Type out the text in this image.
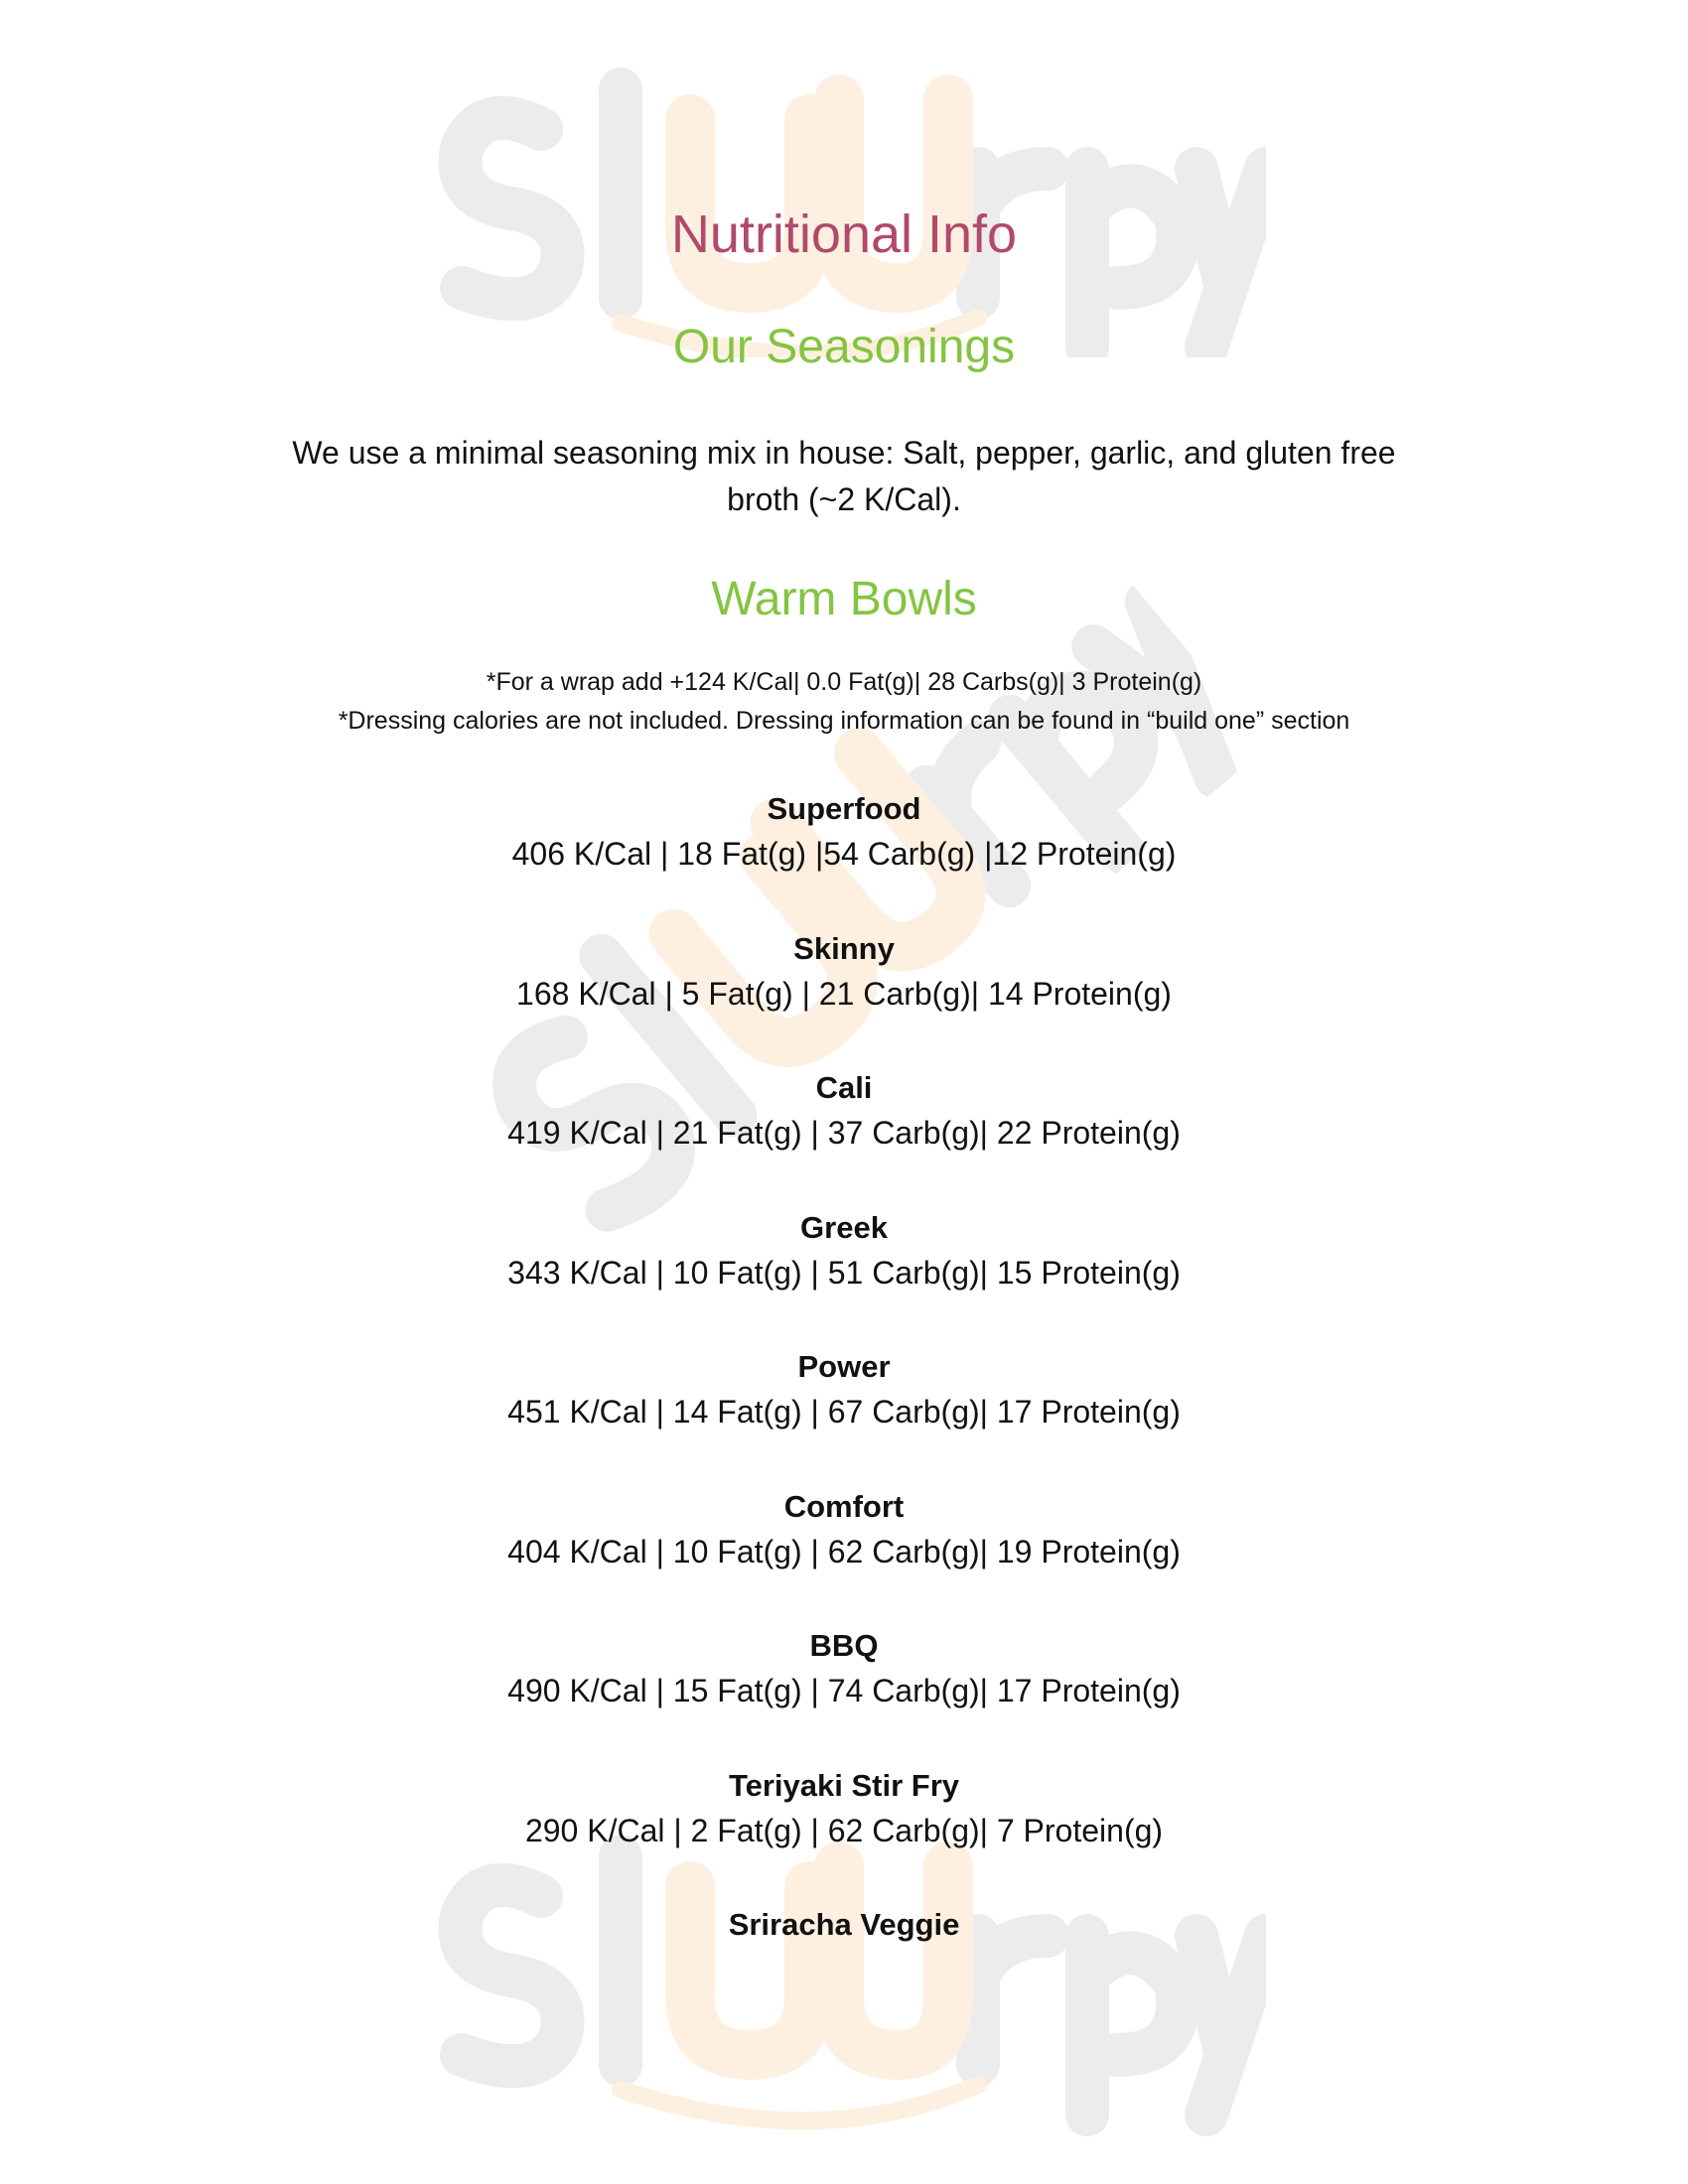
Nutritional Info
Our Seasonings
We use a minimal seasoning mix in house: Salt, pepper, garlic, and gluten free
broth (~2 K/Cal).
Warm Bowls
*For a wrap add +124 K/Cal| 0.0 Fat(g)| 28 Carbs(g)| 3 Protein(g)
*Dressing calories are not included. Dressing information can be found in “build one” section
Superfood
406 K/Cal | 18 Fat(g) |54 Carb(g) |12 Protein(g)
Skinny
168 K/Cal | 5 Fat(g) | 21 Carb(g)| 14 Protein(g)
Cali
419 K/Cal | 21 Fat(g) | 37 Carb(g)| 22 Protein(g)
Greek
343 K/Cal | 10 Fat(g) | 51 Carb(g)| 15 Protein(g)
Power
451 K/Cal | 14 Fat(g) | 67 Carb(g)| 17 Protein(g)
Comfort
404 K/Cal | 10 Fat(g) | 62 Carb(g)| 19 Protein(g)
BBQ
490 K/Cal | 15 Fat(g) | 74 Carb(g)| 17 Protein(g)
Teriyaki Stir Fry
290 K/Cal | 2 Fat(g) | 62 Carb(g)| 7 Protein(g)
Sriracha Veggie
